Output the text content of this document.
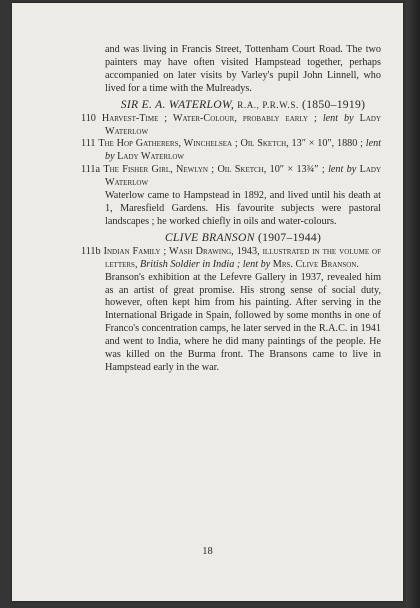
and was living in Francis Street, Tottenham Court Road. The two painters may have often visited Hampstead together, perhaps accompanied on later visits by Varley's pupil John Linnell, who lived for a time with the Mulreadys.

SIR E. A. WATERLOW, R.A., P.R.W.S. (1850–1919)

110 Harvest-Time ; Water-Colour, probably early ; lent by Lady Waterlow

111 The Hop Gatherers, Winchelsea ; Oil Sketch, 13″ × 10″, 1880 ; lent by Lady Waterlow

111a The Fisher Girl, Newlyn ; Oil Sketch, 10″ × 13¾″ ; lent by Lady Waterlow

Waterlow came to Hampstead in 1892, and lived until his death at 1, Maresfield Gardens. His favourite subjects were pastoral landscapes ; he worked chiefly in oils and water-colours.

CLIVE BRANSON (1907–1944)

111b Indian Family ; Wash Drawing, 1943, illustrated in the volume of letters, British Soldier in India ; lent by Mrs. Clive Branson.

Branson's exhibition at the Lefevre Gallery in 1937, revealed him as an artist of great promise. His strong sense of social duty, however, often kept him from his painting. After serving in the International Brigade in Spain, followed by some months in one of Franco's concentration camps, he later served in the R.A.C. in 1941 and went to India, where he did many paintings of the people. He was killed on the Burma front. The Bransons came to live in Hampstead early in the war.

18
